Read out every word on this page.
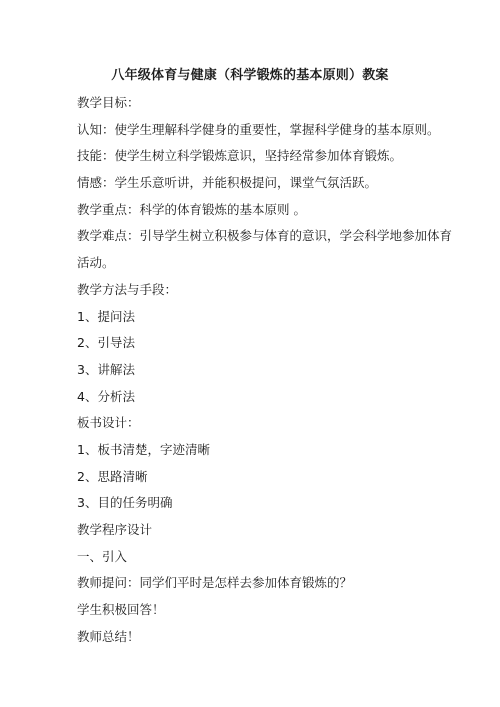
八年级体育与健康（科学锻炼的基本原则）教案
教学目标：
认知：使学生理解科学健身的重要性，掌握科学健身的基本原则。
技能：使学生树立科学锻炼意识，坚持经常参加体育锻炼。
情感：学生乐意听讲，并能积极提问，课堂气氛活跃。
教学重点：科学的体育锻炼的基本原则 。
教学难点：引导学生树立积极参与体育的意识，学会科学地参加体育
活动。
教学方法与手段：
1、提问法
2、引导法
3、讲解法
4、分析法
板书设计：
1、板书清楚，字迹清晰
2、思路清晰
3、目的任务明确
教学程序设计
一、引入
教师提问：同学们平时是怎样去参加体育锻炼的？
学生积极回答！
教师总结！
